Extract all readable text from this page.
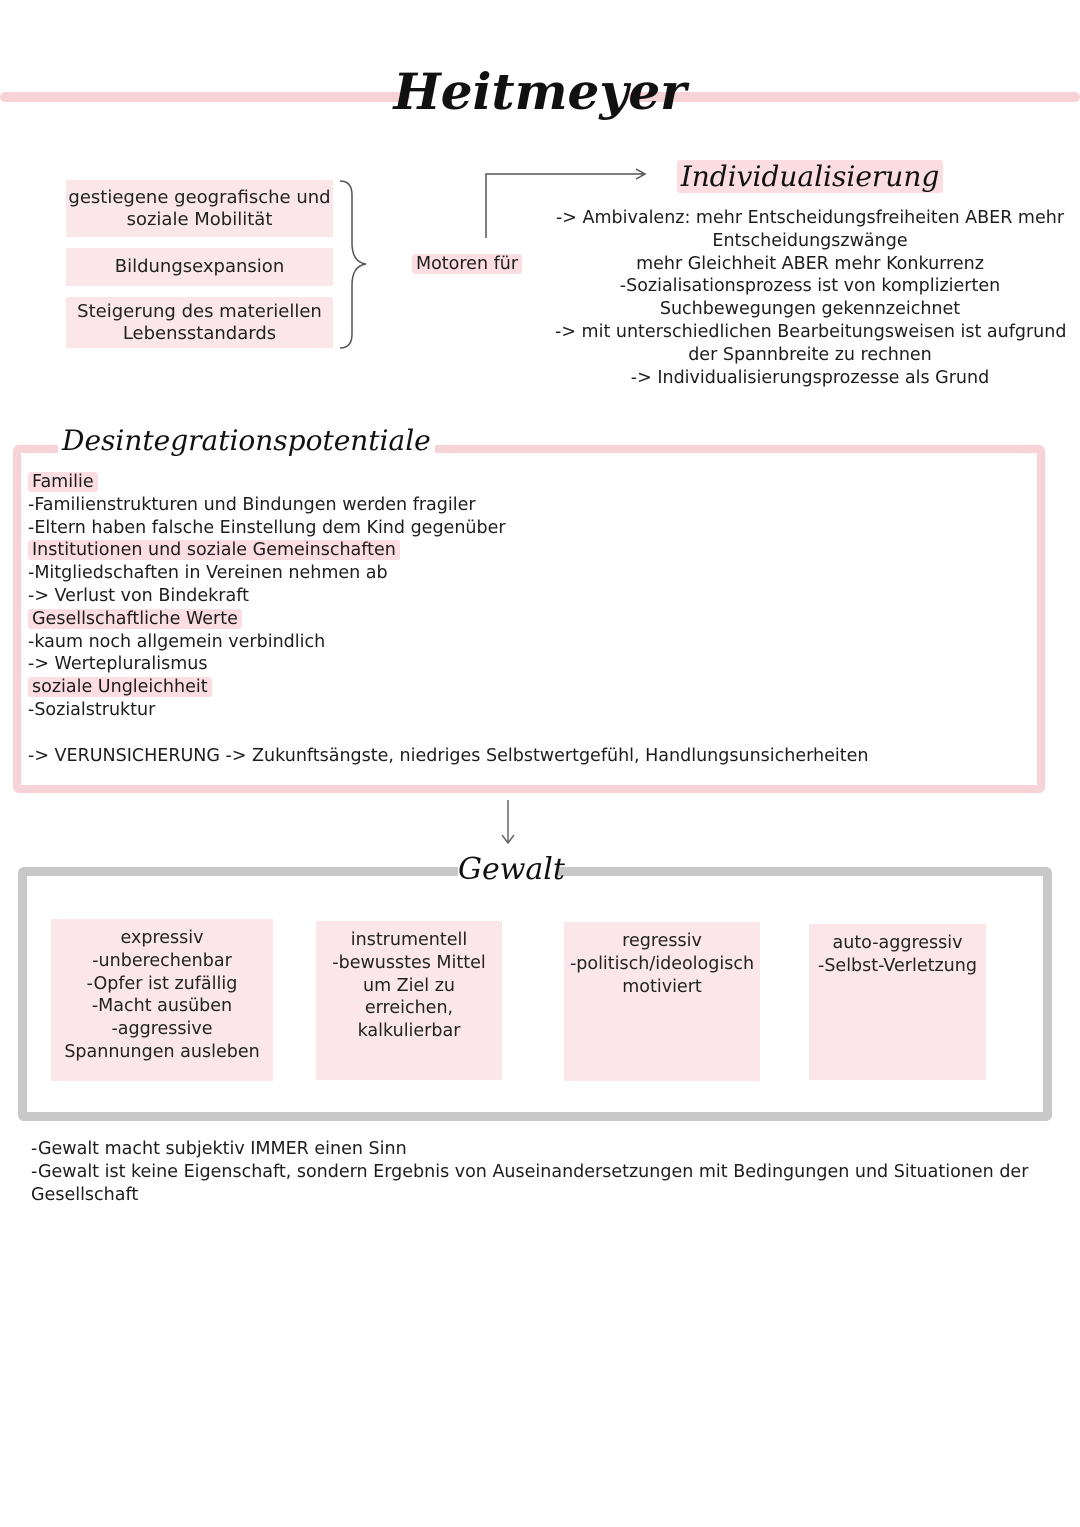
Heitmeyer
gestiegene geografische und
soziale Mobilität
Bildungsexpansion
Steigerung des materiellen
Lebensstandards
Motoren für
Individualisierung
-> Ambivalenz: mehr Entscheidungsfreiheiten ABER mehr
Entscheidungszwänge
mehr Gleichheit ABER mehr Konkurrenz
-Sozialisationsprozess ist von komplizierten
Suchbewegungen gekennzeichnet
-> mit unterschiedlichen Bearbeitungsweisen ist aufgrund
der Spannbreite zu rechnen
-> Individualisierungsprozesse als Grund
Desintegrationspotentiale
Familie
-Familienstrukturen und Bindungen werden fragiler
-Eltern haben falsche Einstellung dem Kind gegenüber
Institutionen und soziale Gemeinschaften
-Mitgliedschaften in Vereinen nehmen ab
-> Verlust von Bindekraft
Gesellschaftliche Werte
-kaum noch allgemein verbindlich
-> Wertepluralismus
soziale Ungleichheit
-Sozialstruktur
-> VERUNSICHERUNG -> Zukunftsängste, niedriges Selbstwertgefühl, Handlungsunsicherheiten
Gewalt
expressiv
-unberechenbar
-Opfer ist zufällig
-Macht ausüben
-aggressive
Spannungen ausleben
instrumentell
-bewusstes Mittel
um Ziel zu
erreichen,
kalkulierbar
regressiv
-politisch/ideologisch
motiviert
auto-aggressiv
-Selbst-Verletzung
-Gewalt macht subjektiv IMMER einen Sinn
-Gewalt ist keine Eigenschaft, sondern Ergebnis von Auseinandersetzungen mit Bedingungen und Situationen der
Gesellschaft
